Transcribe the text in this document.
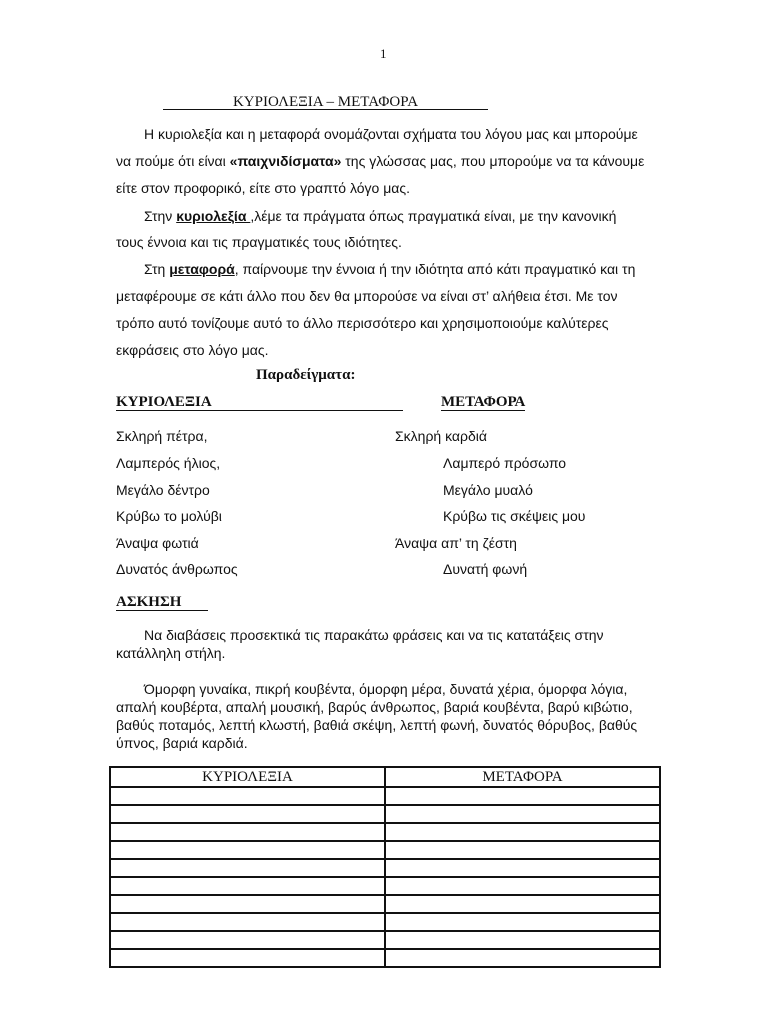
1
ΚΥΡΙΟΛΕΞΙΑ – ΜΕΤΑΦΟΡΑ
Η κυριολεξία και η μεταφορά ονομάζονται σχήματα του λόγου μας και μπορούμε
να πούμε ότι είναι «παιχνιδίσματα» της γλώσσας μας, που μπορούμε να τα κάνουμε
είτε στον προφορικό, είτε στο γραπτό λόγο μας.
Στην κυριολεξία ,λέμε τα πράγματα όπως πραγματικά είναι, με την κανονική
τους έννοια και τις πραγματικές τους ιδιότητες.
Στη μεταφορά, παίρνουμε την έννοια ή την ιδιότητα από κάτι πραγματικό και τη
μεταφέρουμε σε κάτι άλλο που δεν θα μπορούσε να είναι στ’ αλήθεια έτσι. Με τον
τρόπο αυτό τονίζουμε αυτό το άλλο περισσότερο και χρησιμοποιούμε καλύτερες
εκφράσεις στο λόγο μας.
Παραδείγματα:
ΚΥΡΙΟΛΕΞΙΑ	ΜΕΤΑΦΟΡΑ
Σκληρή πέτρα,	Σκληρή καρδιά
Λαμπερός ήλιος,	Λαμπερό πρόσωπο
Μεγάλο δέντρο	Μεγάλο μυαλό
Κρύβω το μολύβι	Κρύβω τις σκέψεις μου
Άναψα φωτιά	Άναψα απ’ τη ζέστη
Δυνατός άνθρωπος	Δυνατή φωνή
ΑΣΚΗΣΗ
Να διαβάσεις προσεκτικά τις παρακάτω φράσεις και να τις κατατάξεις στην
κατάλληλη στήλη.
Όμορφη γυναίκα, πικρή κουβέντα, όμορφη μέρα, δυνατά χέρια, όμορφα λόγια,
απαλή κουβέρτα, απαλή μουσική, βαρύς άνθρωπος, βαριά κουβέντα, βαρύ κιβώτιο,
βαθύς ποταμός, λεπτή κλωστή, βαθιά σκέψη, λεπτή φωνή, δυνατός θόρυβος, βαθύς
ύπνος, βαριά καρδιά.
ΚΥΡΙΟΛΕΞΙΑ	ΜΕΤΑΦΟΡΑ
